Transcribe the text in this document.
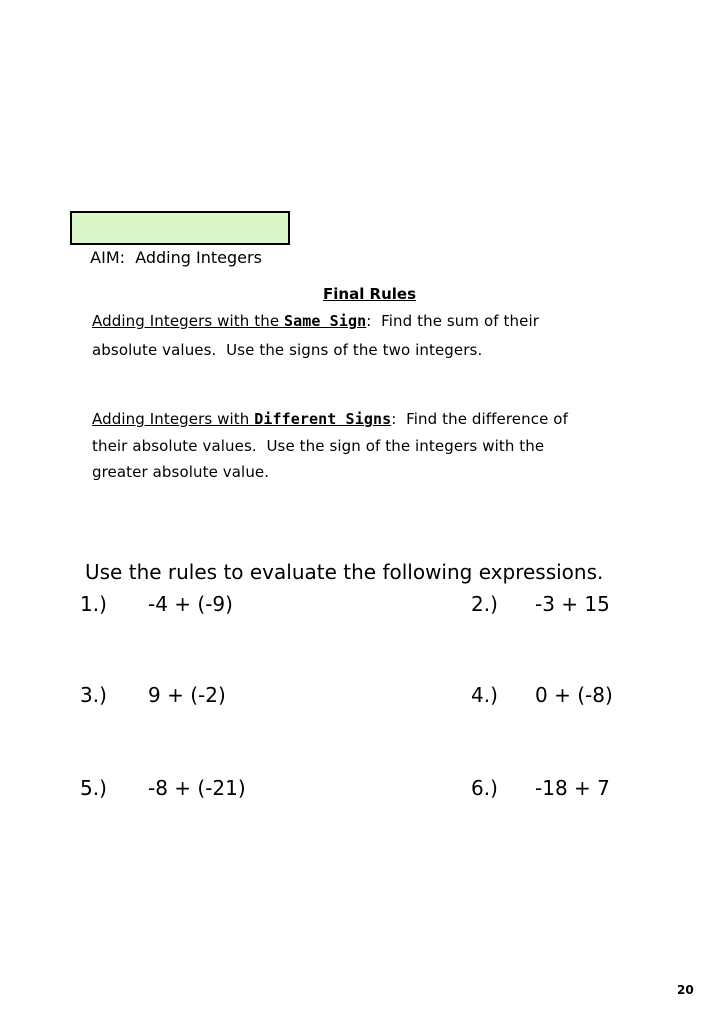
AIM:  Adding Integers

Final Rules
Adding Integers with the Same Sign:  Find the sum of their
absolute values.  Use the signs of the two integers.
Adding Integers with Different Signs:  Find the difference of
their absolute values.  Use the sign of the integers with the
greater absolute value.
Use the rules to evaluate the following expressions.
1.) -4 + (-9)	2.) -3 + 15
3.) 9 + (-2)	4.) 0 + (-8)
5.) -8 + (-21)	6.) -18 + 7
20
